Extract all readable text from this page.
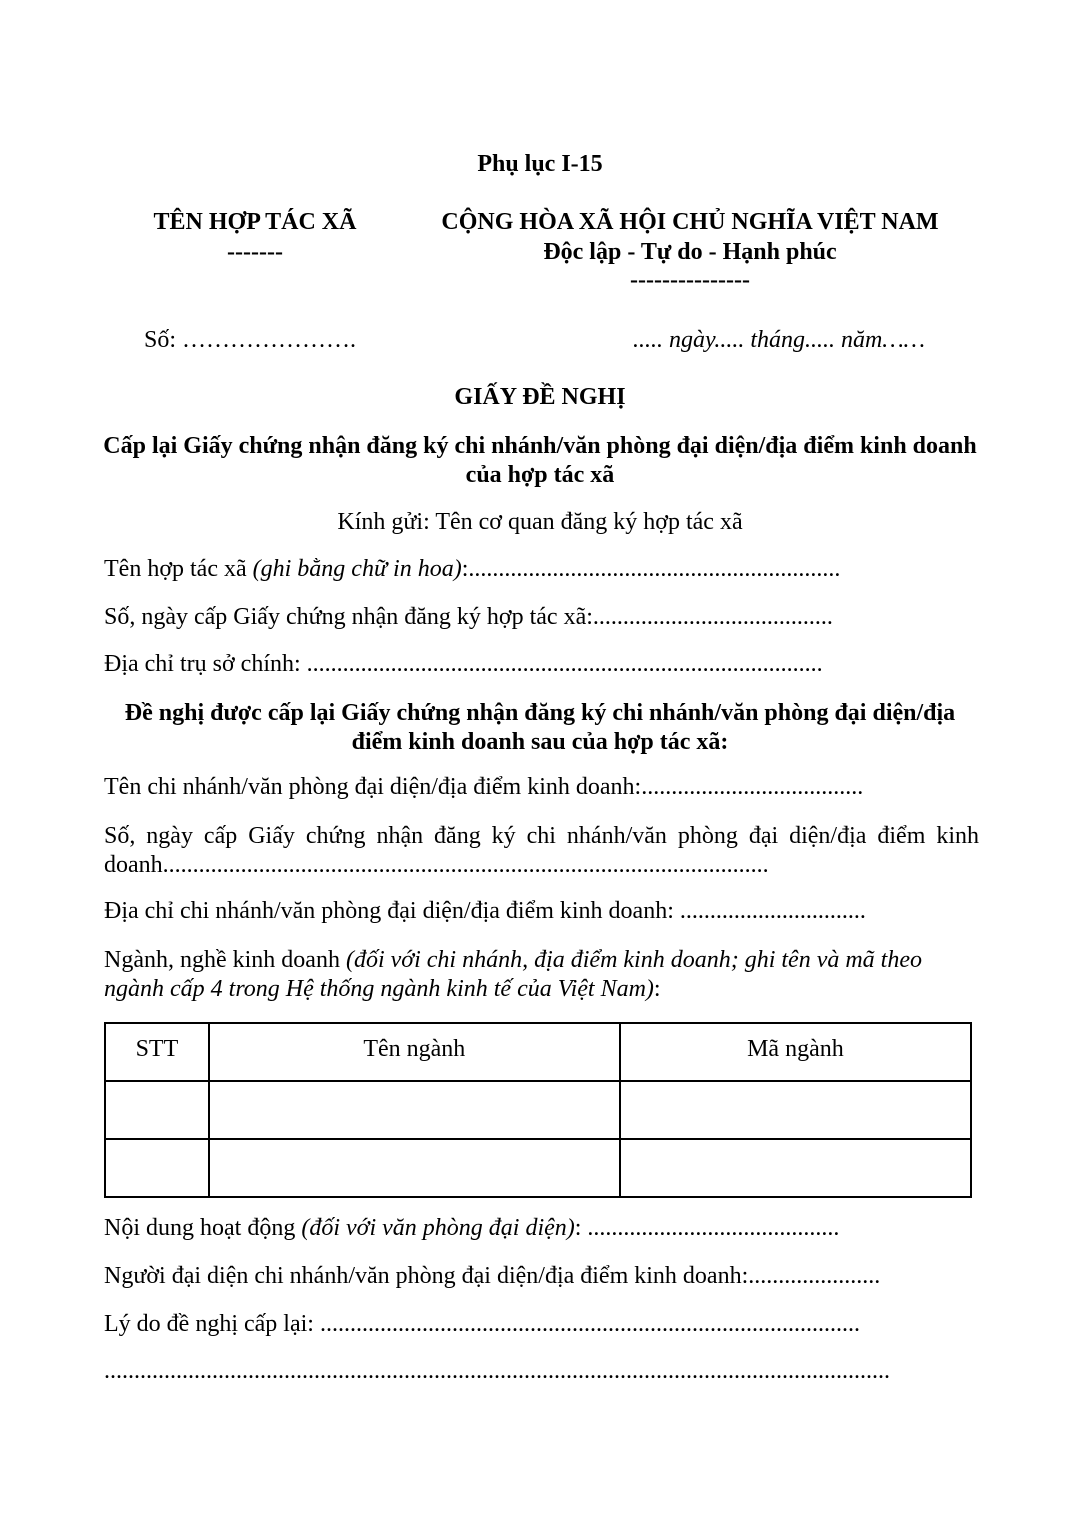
Phụ lục I-15
TÊN HỢP TÁC XÃ
-------
CỘNG HÒA XÃ HỘI CHỦ NGHĨA VIỆT NAM
Độc lập - Tự do - Hạnh phúc
---------------
Số: ………………….	..... ngày..... tháng..... năm……
GIẤY ĐỀ NGHỊ
Cấp lại Giấy chứng nhận đăng ký chi nhánh/văn phòng đại diện/địa điểm kinh doanh của hợp tác xã
Kính gửi: Tên cơ quan đăng ký hợp tác xã
Tên hợp tác xã (ghi bằng chữ in hoa):..............................................................
Số, ngày cấp Giấy chứng nhận đăng ký hợp tác xã:........................................
Địa chỉ trụ sở chính: ......................................................................................
Đề nghị được cấp lại Giấy chứng nhận đăng ký chi nhánh/văn phòng đại diện/địa điểm kinh doanh sau của hợp tác xã:
Tên chi nhánh/văn phòng đại diện/địa điểm kinh doanh:.....................................
Số, ngày cấp Giấy chứng nhận đăng ký chi nhánh/văn phòng đại diện/địa điểm kinh doanh.....................................................................................................
Địa chỉ chi nhánh/văn phòng đại diện/địa điểm kinh doanh: ...............................
Ngành, nghề kinh doanh (đối với chi nhánh, địa điểm kinh doanh; ghi tên và mã theo ngành cấp 4 trong Hệ thống ngành kinh tế của Việt Nam):
STT	Tên ngành	Mã ngành

Nội dung hoạt động (đối với văn phòng đại diện): ..........................................
Người đại diện chi nhánh/văn phòng đại diện/địa điểm kinh doanh:......................
Lý do đề nghị cấp lại: ..........................................................................................
...................................................................................................................................
